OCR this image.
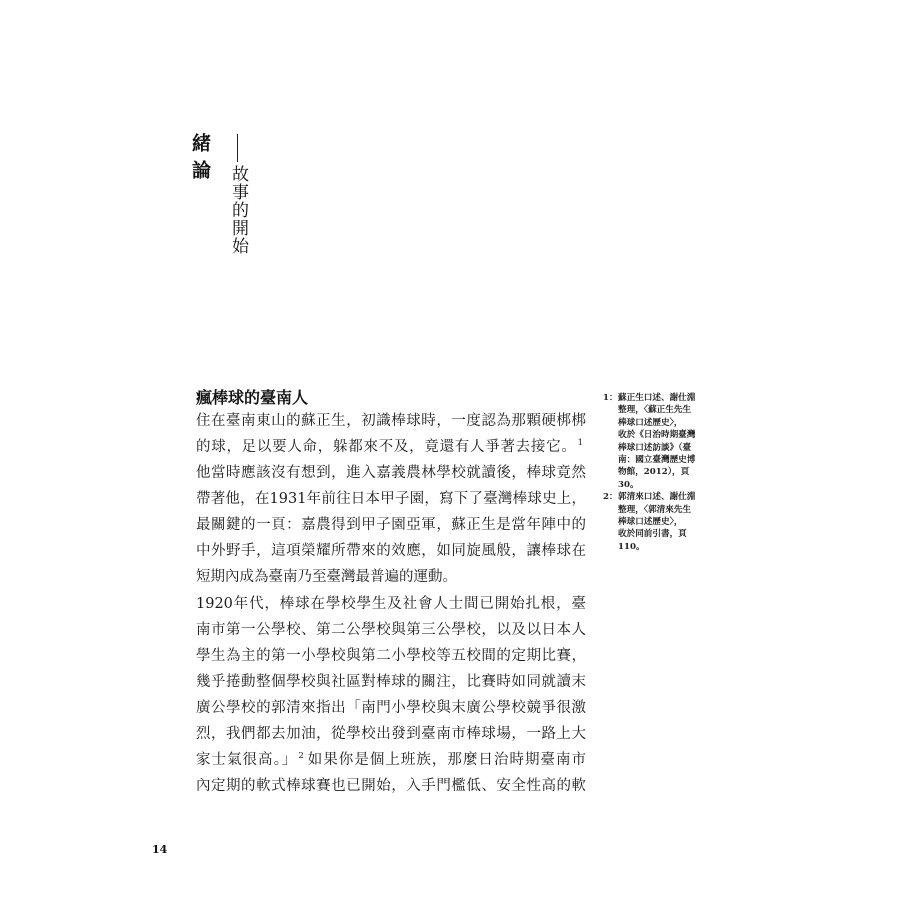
緒論
故事的開始
瘋棒球的臺南人
住在臺南東山的蘇正生，初識棒球時，一度認為那顆硬梆梆
的球，足以要人命，躲都來不及，竟還有人爭著去接它。$^1$
他當時應該沒有想到，進入嘉義農林學校就讀後，棒球竟然
帶著他，在1931年前往日本甲子園，寫下了臺灣棒球史上，
最關鍵的一頁：嘉農得到甲子園亞軍，蘇正生是當年陣中的
中外野手，這項榮耀所帶來的效應，如同旋風般，讓棒球在
短期內成為臺南乃至臺灣最普遍的運動。
1920年代，棒球在學校學生及社會人士間已開始扎根，臺
南市第一公學校、第二公學校與第三公學校，以及以日本人
學生為主的第一小學校與第二小學校等五校間的定期比賽，
幾乎捲動整個學校與社區對棒球的關注，比賽時如同就讀末
廣公學校的郭清來指出「南門小學校與末廣公學校競爭很激
烈，我們都去加油，從學校出發到臺南市棒球場，一路上大
家士氣很高。」$^2$ 如果你是個上班族，那麼日治時期臺南市
內定期的軟式棒球賽也已開始，入手門檻低、安全性高的軟
1： 蘇正生口述、謝仕淵
整理，〈蘇正生先生
棒球口述歷史〉，
收於《日治時期臺灣
棒球口述訪談》（臺
南：國立臺灣歷史博
物館，2012），頁
30。
2： 郭清來口述、謝仕淵
整理，〈郭清來先生
棒球口述歷史〉，
收於同前引書，頁
110。
14
